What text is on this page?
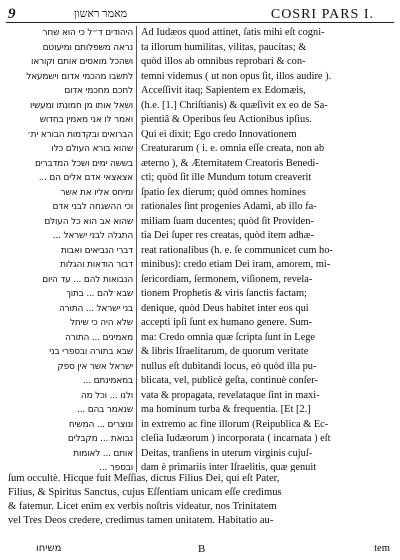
9	מאמר ראשון	COSRI PARS I.
היהודים ד״ל כי הוא שחר
נראה משפלותם ומיעוטם
ושהכל מואסים אותם וקוראו
לתשבו מהכמי אדום וישמעאל
לחכם מחכמי אדום
ושאל אותו מן חמונתו ומעשיו
ואמר לו אני מאמין בחדוש
הברואים ובקדמות הבורא ית׳
שהוא בורא העולם כלו
בששה ימים ושכל המדברים
אצאצאי אדם אלים הם ...
ומיחס אליו את אשר
וכי ההשגחה לבני אדם
שהוא אב הוא כל העולם
התגלה לבני ישראל ...
דברי הנביאים ואבות
דבור הודאות והגלות
הנבואות להם ... עד היום
שבא להם ... בתוך
בני ישראל ... התורה
שלא היה כי שיחל
מאמינים ... התורה
שבא בתורה ובספרי בני
ישראל אשר אין ספק
במאמינתם ...
ולנו ... וכל מה
שנאמר בהם ...
ונוצרים ... המשיח
נבואת ... מקבלים
אותם ... לאומות
ובספר ...
Ad Iudæos quod attinet, ſatis mihi eſt cogni-
ta illorum humilitas, vilitas, paucitas; &
quòd illos ab omnibus reprobari & con-
temni videmus ( ut non opus ſit, illos audire ).
Acceſſivit itaq; Sapientem ex Edomæis,
(h.e. [1.] Chriſtianis) & quæſivit ex eo de Sa-
pientiâ & Operibus ſeu Actionibus ipſius.
Qui ei dixit; Ego credo Innovationem
Creaturarum ( i. e. omnia eſſe creata, non ab
æterno ), & Æternitatem Creatoris Benedi-
cti; quòd ſit ille Mundum totum creaverit
ſpatio ſex dierum; quòd omnes homines
rationales ſint progenies Adami, ab illo fa-
miliam ſuam ducentes; quòd ſit Providen-
tia Dei ſuper res creatas, quòd item adhæ-
reat rationalibus (h. e. ſe communicet cum ho-
minibus): credo etiam Dei iram, amorem, mi-
ſericordiam, ſermonem, viſionem, revela-
tionem Prophetis & viris ſanctis factam;
denique, quòd Deus habitet inter eos qui
accepti ipſi ſunt ex humano genere. Sum-
ma: Credo omnia quæ ſcripta ſunt in Lege
& libris Iſraelitarum, de quorum veritate
nullus eſt dubitandi locus, eò quòd illa pu-
blicata, vel, publicè geſta, continuè conſer-
vata & propagata, revelataque ſint in maxi-
ma hominum turba & frequentia. [Et [2.]
in extremo ac fine illorum (Reipublica & Ec-
cleſia Iudæorum ) incorporata ( incarnata ) eſt
Deitas, tranſiens in uterum virginis cujuſ-
dam è primariis inter Iſraelitis, quæ genuit
ſum occultè. Hicque fuit Meſſias, dictus Filius Dei, qui eſt Pater,
Filius, & Spiritus Sanctus, cujus Eſſentiam unicam eſſe credimus
& fatemur. Licet enim ex verbis noſtris videatur, nos Trinitatem
vel Tres Deos credere, credimus tamen unitatem. Habitatio au-
משיחו	B	tem
